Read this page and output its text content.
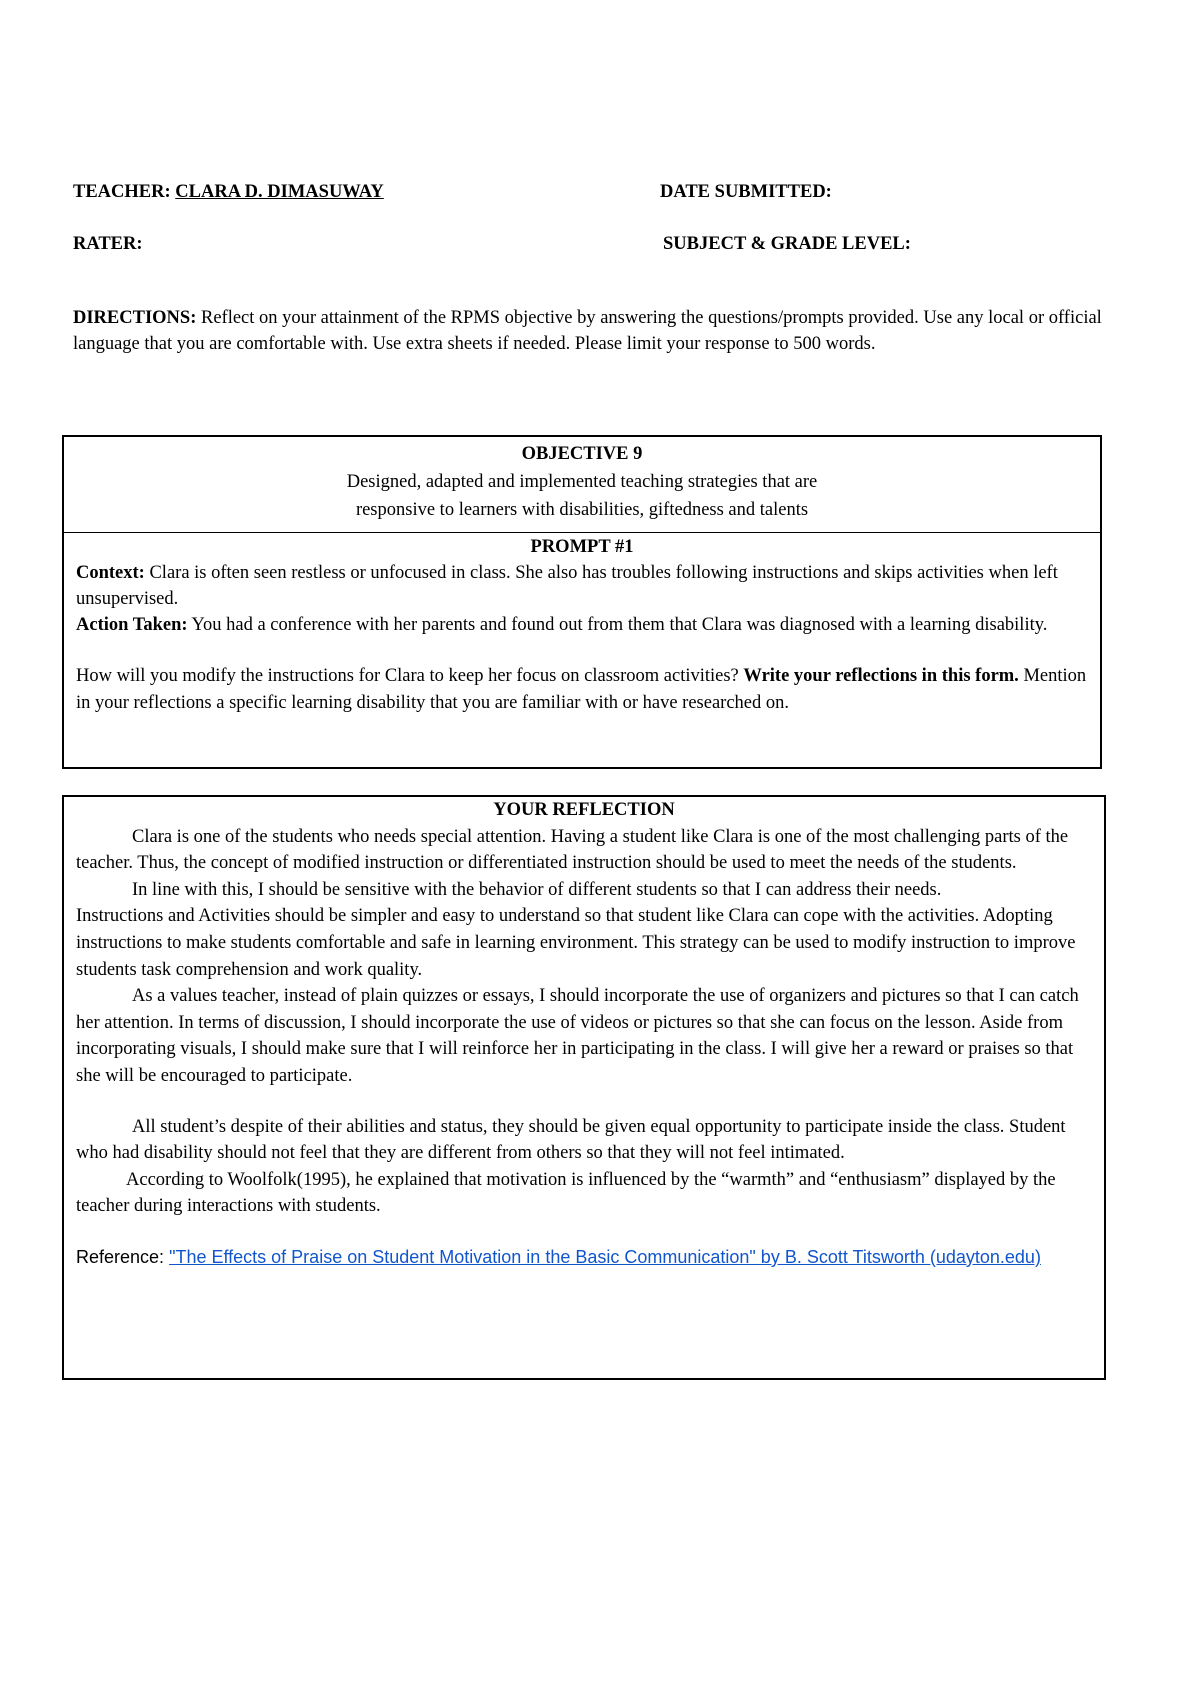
TEACHER: CLARA D. DIMASUWAY	DATE SUBMITTED:
RATER:	SUBJECT & GRADE LEVEL:
DIRECTIONS: Reflect on your attainment of the RPMS objective by answering the questions/prompts provided. Use any local or official language that you are comfortable with. Use extra sheets if needed. Please limit your response to 500 words.
OBJECTIVE 9
Designed, adapted and implemented teaching strategies that are
responsive to learners with disabilities, giftedness and talents
PROMPT #1

Context: Clara is often seen restless or unfocused in class. She also has troubles following instructions and skips activities when left unsupervised.

Action Taken: You had a conference with her parents and found out from them that Clara was diagnosed with a learning disability.

How will you modify the instructions for Clara to keep her focus on classroom activities? Write your reflections in this form. Mention in your reflections a specific learning disability that you are familiar with or have researched on.

YOUR REFLECTION

Clara is one of the students who needs special attention. Having a student like Clara is one of the most challenging parts of the teacher. Thus, the concept of modified instruction or differentiated instruction should be used to meet the needs of the students.

In line with this, I should be sensitive with the behavior of different students so that I can address their needs.

Instructions and Activities should be simpler and easy to understand so that student like Clara can cope with the activities. Adopting instructions to make students comfortable and safe in learning environment. This strategy can be used to modify instruction to improve students task comprehension and work quality.

As a values teacher, instead of plain quizzes or essays, I should incorporate the use of organizers and pictures so that I can catch her attention. In terms of discussion, I should incorporate the use of videos or pictures so that she can focus on the lesson. Aside from incorporating visuals, I should make sure that I will reinforce her in participating in the class. I will give her a reward or praises so that she will be encouraged to participate.

All student’s despite of their abilities and status, they should be given equal opportunity to participate inside the class. Student who had disability should not feel that they are different from others so that they will not feel intimated.

According to Woolfolk(1995), he explained that motivation is influenced by the “warmth” and “enthusiasm” displayed by the teacher during interactions with students.

Reference: "The Effects of Praise on Student Motivation in the Basic Communication" by B. Scott Titsworth (udayton.edu)
